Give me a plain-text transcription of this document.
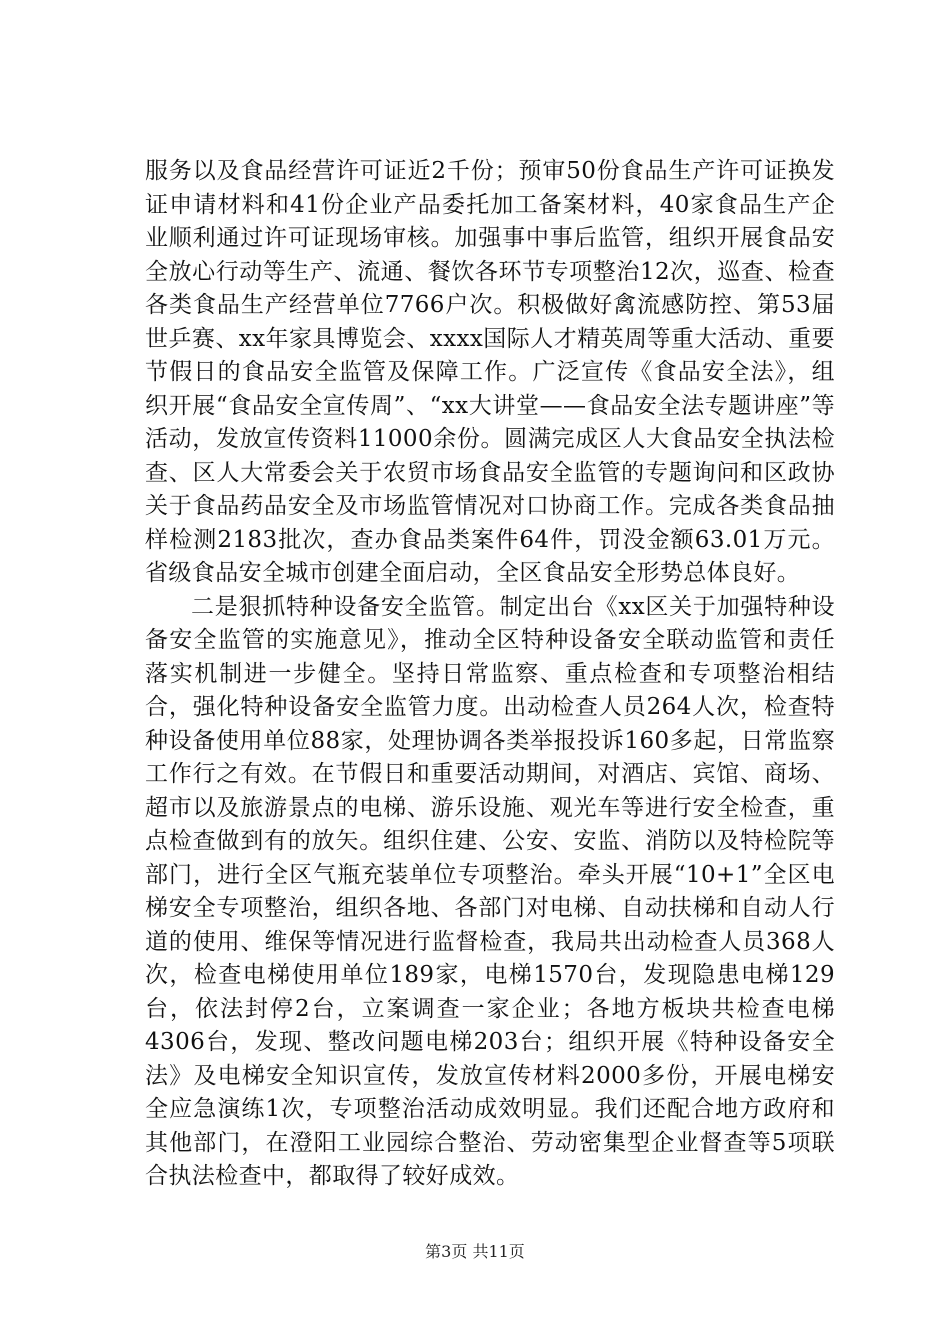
服务以及食品经营许可证近2千份；预审50份食品生产许可证换发证申请材料和41份企业产品委托加工备案材料，40家食品生产企业顺利通过许可证现场审核。加强事中事后监管，组织开展食品安全放心行动等生产、流通、餐饮各环节专项整治12次，巡查、检查各类食品生产经营单位7766户次。积极做好禽流感防控、第53届世乒赛、xx年家具博览会、xxxx国际人才精英周等重大活动、重要节假日的食品安全监管及保障工作。广泛宣传《食品安全法》，组织开展“食品安全宣传周”、“xx大讲堂——食品安全法专题讲座”等活动，发放宣传资料11000余份。圆满完成区人大食品安全执法检查、区人大常委会关于农贸市场食品安全监管的专题询问和区政协关于食品药品安全及市场监管情况对口协商工作。完成各类食品抽样检测2183批次，查办食品类案件64件，罚没金额63.01万元。省级食品安全城市创建全面启动，全区食品安全形势总体良好。

二是狠抓特种设备安全监管。制定出台《xx区关于加强特种设备安全监管的实施意见》，推动全区特种设备安全联动监管和责任落实机制进一步健全。坚持日常监察、重点检查和专项整治相结合，强化特种设备安全监管力度。出动检查人员264人次，检查特种设备使用单位88家，处理协调各类举报投诉160多起，日常监察工作行之有效。在节假日和重要活动期间，对酒店、宾馆、商场、超市以及旅游景点的电梯、游乐设施、观光车等进行安全检查，重点检查做到有的放矢。组织住建、公安、安监、消防以及特检院等部门，进行全区气瓶充装单位专项整治。牵头开展“10+1”全区电梯安全专项整治，组织各地、各部门对电梯、自动扶梯和自动人行道的使用、维保等情况进行监督检查，我局共出动检查人员368人次，检查电梯使用单位189家，电梯1570台，发现隐患电梯129台，依法封停2台，立案调查一家企业；各地方板块共检查电梯4306台，发现、整改问题电梯203台；组织开展《特种设备安全法》及电梯安全知识宣传，发放宣传材料2000多份，开展电梯安全应急演练1次，专项整治活动成效明显。我们还配合地方政府和其他部门，在澄阳工业园综合整治、劳动密集型企业督查等5项联合执法检查中，都取得了较好成效。

第3页 共11页
